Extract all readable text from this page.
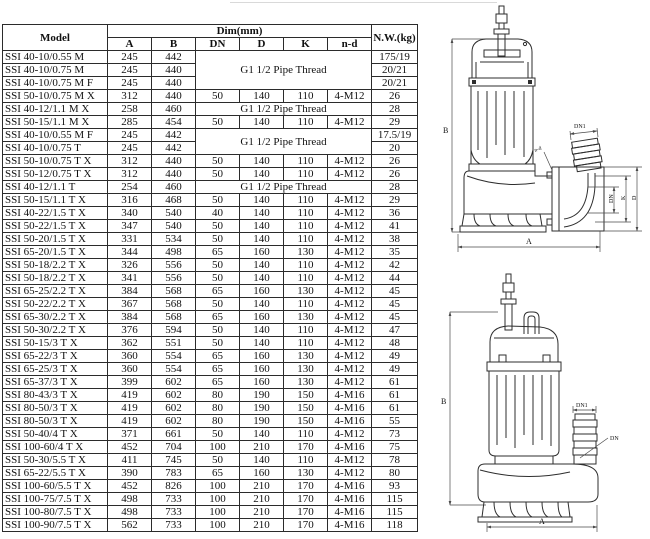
Model	Dim(mm)						N.W.(kg)
	A	B	DN	D	K	n-d	
SSI 40-10/0.55 M	245	442	G1 1/2 Pipe Thread				175/19
SSI 40-10/0.75 M	245	440					20/21
SSI 40-10/0.75 M F	245	440					20/21
SSI 50-10/0.75 M X	312	440	50	140	110	4-M12	26
SSI 40-12/1.1 M X	258	460	G1 1/2 Pipe Thread				28
SSI 50-15/1.1 M X	285	454	50	140	110	4-M12	29
SSI 40-10/0.55 M F	245	442	G1 1/2 Pipe Thread				17.5/19
SSI 40-10/0.75 T	245	442					20
SSI 50-10/0.75 T X	312	440	50	140	110	4-M12	26
SSI 50-12/0.75 T X	312	440	50	140	110	4-M12	26
SSI 40-12/1.1 T	254	460	G1 1/2 Pipe Thread				28
SSI 50-15/1.1 T X	316	468	50	140	110	4-M12	29
SSI 40-22/1.5 T X	340	540	40	140	110	4-M12	36
SSI 50-22/1.5 T X	347	540	50	140	110	4-M12	41
SSI 50-20/1.5 T X	331	534	50	140	110	4-M12	38
SSI 65-20/1.5 T X	344	498	65	160	130	4-M12	35
SSI 50-18/2.2 T X	326	556	50	140	110	4-M12	42
SSI 50-18/2.2 T X	341	556	50	140	110	4-M12	44
SSI 65-25/2.2 T X	384	568	65	160	130	4-M12	45
SSI 50-22/2.2 T X	367	568	50	140	110	4-M12	45
SSI 65-30/2.2 T X	384	568	65	160	130	4-M12	45
SSI 50-30/2.2 T X	376	594	50	140	110	4-M12	47
SSI 50-15/3 T X	362	551	50	140	110	4-M12	48
SSI 65-22/3 T X	360	554	65	160	130	4-M12	49
SSI 65-25/3 T X	360	554	65	160	130	4-M12	49
SSI 65-37/3 T X	399	602	65	160	130	4-M12	61
SSI 80-43/3 T X	419	602	80	190	150	4-M16	61
SSI 80-50/3 T X	419	602	80	190	150	4-M16	61
SSI 80-50/3 T X	419	602	80	190	150	4-M16	55
SSI 50-40/4 T X	371	661	50	140	110	4-M12	73
SSI 100-60/4 T X	452	704	100	210	170	4-M16	75
SSI 50-30/5.5 T X	411	745	50	140	110	4-M12	78
SSI 65-22/5.5 T X	390	783	65	160	130	4-M12	80
SSI 100-60/5.5 T X	452	826	100	210	170	4-M16	93
SSI 100-75/7.5 T X	498	733	100	210	170	4-M16	115
SSI 100-80/7.5 T X	498	733	100	210	170	4-M16	115
SSI 100-90/7.5 T X	562	733	100	210	170	4-M16	118
B	DN1
n-d
DN K D
A
B	DN1
DN
A
